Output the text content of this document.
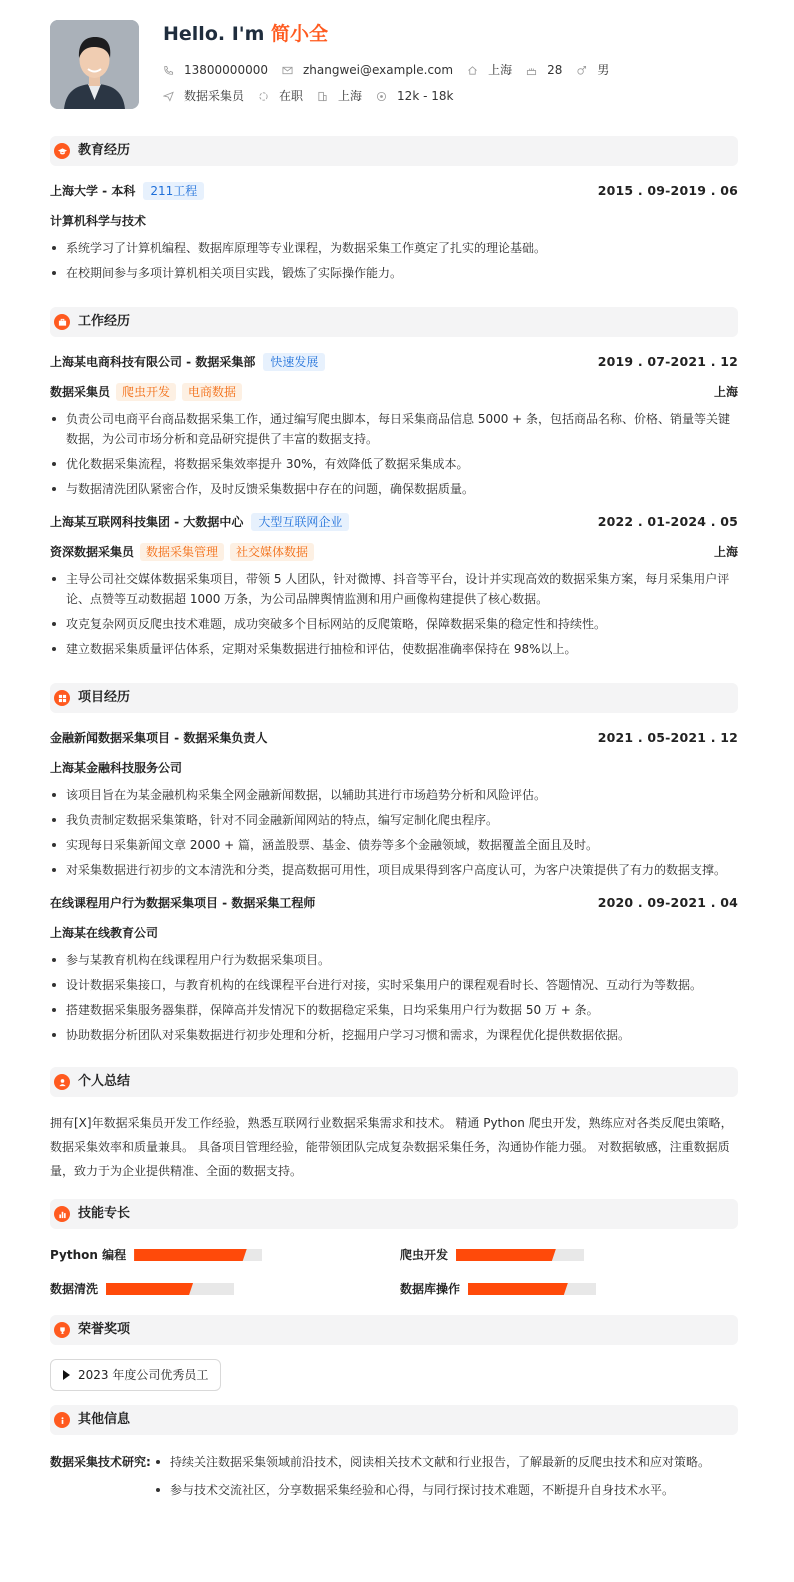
Hello. I'm 简小全
13800000000	zhangwei@example.com	上海	28	男
数据采集员	在职	上海	12k - 18k
教育经历
上海大学 - 本科	211工程	2015 . 09-2019 . 06
计算机科学与技术
系统学习了计算机编程、数据库原理等专业课程，为数据采集工作奠定了扎实的理论基础。
在校期间参与多项计算机相关项目实践，锻炼了实际操作能力。
工作经历
上海某电商科技有限公司 - 数据采集部	快速发展	2019 . 07-2021 . 12
数据采集员	爬虫开发	电商数据	上海
负责公司电商平台商品数据采集工作，通过编写爬虫脚本，每日采集商品信息 5000 + 条，包括商品名称、价格、销量等关键数据，为公司市场分析和竞品研究提供了丰富的数据支持。
优化数据采集流程，将数据采集效率提升 30%，有效降低了数据采集成本。
与数据清洗团队紧密合作，及时反馈采集数据中存在的问题，确保数据质量。
上海某互联网科技集团 - 大数据中心	大型互联网企业	2022 . 01-2024 . 05
资深数据采集员	数据采集管理	社交媒体数据	上海
主导公司社交媒体数据采集项目，带领 5 人团队，针对微博、抖音等平台，设计并实现高效的数据采集方案，每月采集用户评论、点赞等互动数据超 1000 万条，为公司品牌舆情监测和用户画像构建提供了核心数据。
攻克复杂网页反爬虫技术难题，成功突破多个目标网站的反爬策略，保障数据采集的稳定性和持续性。
建立数据采集质量评估体系，定期对采集数据进行抽检和评估，使数据准确率保持在 98%以上。
项目经历
金融新闻数据采集项目 - 数据采集负责人	2021 . 05-2021 . 12
上海某金融科技服务公司
该项目旨在为某金融机构采集全网金融新闻数据，以辅助其进行市场趋势分析和风险评估。
我负责制定数据采集策略，针对不同金融新闻网站的特点，编写定制化爬虫程序。
实现每日采集新闻文章 2000 + 篇，涵盖股票、基金、债券等多个金融领域，数据覆盖全面且及时。
对采集数据进行初步的文本清洗和分类，提高数据可用性，项目成果得到客户高度认可，为客户决策提供了有力的数据支撑。
在线课程用户行为数据采集项目 - 数据采集工程师	2020 . 09-2021 . 04
上海某在线教育公司
参与某教育机构在线课程用户行为数据采集项目。
设计数据采集接口，与教育机构的在线课程平台进行对接，实时采集用户的课程观看时长、答题情况、互动行为等数据。
搭建数据采集服务器集群，保障高并发情况下的数据稳定采集，日均采集用户行为数据 50 万 + 条。
协助数据分析团队对采集数据进行初步处理和分析，挖掘用户学习习惯和需求，为课程优化提供数据依据。
个人总结

拥有[X]年数据采集员开发工作经验，熟悉互联网行业数据采集需求和技术。 精通 Python 爬虫开发，熟练应对各类反爬虫策略，数据采集效率和质量兼具。 具备项目管理经验，能带领团队完成复杂数据采集任务，沟通协作能力强。 对数据敏感，注重数据质量，致力于为企业提供精准、全面的数据支持。

技能专长
Python 编程	爬虫开发
数据清洗	数据库操作
荣誉奖项
2023 年度公司优秀员工
其他信息
数据采集技术研究:	持续关注数据采集领域前沿技术，阅读相关技术文献和行业报告，了解最新的反爬虫技术和应对策略。
参与技术交流社区，分享数据采集经验和心得，与同行探讨技术难题，不断提升自身技术水平。
